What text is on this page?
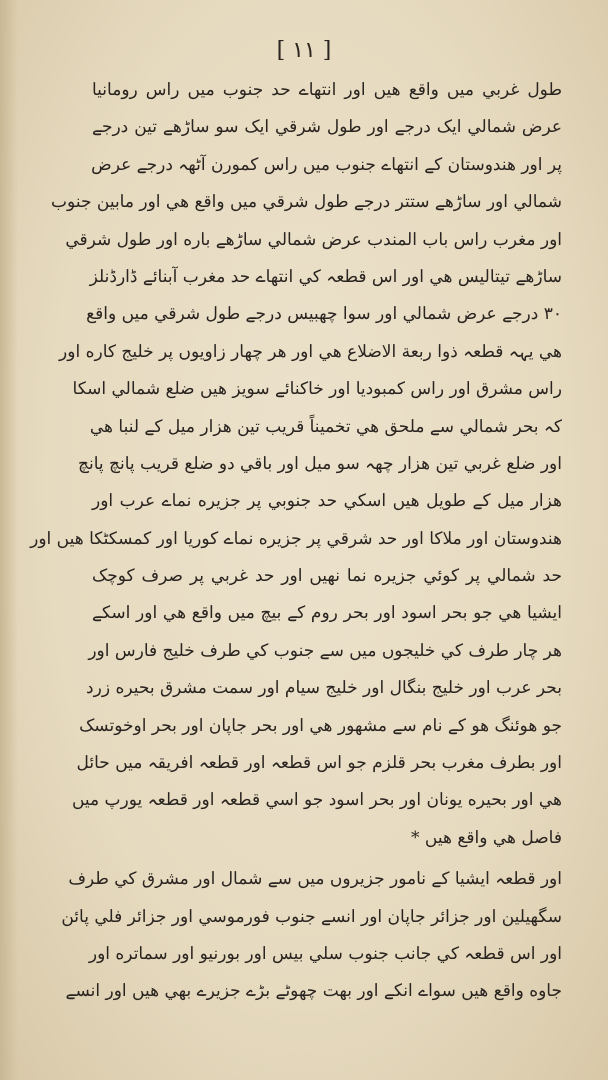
[ ١١ ]
طول غربي ميں واقع هيں اور انتهاے حد جنوب ميں راس رومانيا
عرض شمالي ايک درجے اور طول شرقي ايک سو ساڑهے تين درجے
پر اور هندوستان کے انتهاے جنوب ميں راس کمورن آٹهہ درجے عرض
شمالي اور ساڑهے ستتر درجے طول شرقي ميں واقع هي اور مابين جنوب
اور مغرب راس باب المندب عرض شمالي ساڑهے باره اور طول شرقي
ساڑهے تيتاليس هي اور اس قطعہ کي انتهاے حد مغرب آبنائے ڈارڈنلز
٣٠ درجے عرض شمالي اور سوا چهبيس درجے طول شرقي ميں واقع
هي يہہ قطعہ ذوا ربعة الاضلاع هي اور هر چهار زاويوں پر خليج کاره اور
راس مشرق اور راس کمبوديا اور خاکنائے سويز هيں ضلع شمالي اسکا
کہ بحر شمالي سے ملحق هي تخميناً قريب تين هزار ميل کے لنبا هي
اور ضلع غربي تين هزار چهہ سو ميل اور باقي دو ضلع قريب پانچ پانچ
هزار ميل کے طويل هيں اسکي حد جنوبي پر جزيره نماے عرب اور
هندوستان اور ملاکا اور حد شرقي پر جزيره نماے کوريا اور کمسکٹکا هيں اور
حد شمالي پر کوئي جزيره نما نهيں اور حد غربي پر صرف کوچک
ايشيا هي جو بحر اسود اور بحر روم کے بيچ ميں واقع هي اور اسکے
هر چار طرف کي خليجوں ميں سے جنوب کي طرف خليج فارس اور
بحر عرب اور خليج بنگال اور خليج سيام اور سمت مشرق بحيره زرد
جو هوئنگ هو کے نام سے مشهور هي اور بحر جاپان اور بحر اوخوتسک
اور بطرف مغرب بحر قلزم جو اس قطعہ اور قطعہ افريقہ ميں حائل
هي اور بحيره يونان اور بحر اسود جو اسي قطعہ اور قطعہ يورپ ميں
فاصل هي واقع هيں *
اور قطعہ ايشيا کے نامور جزيروں ميں سے شمال اور مشرق کي طرف
سگهيلين اور جزائر جاپان اور انسے جنوب فورموسي اور جزائر فلي پائن
اور اس قطعہ کي جانب جنوب سلي بيس اور بورنيو اور سماتره اور
جاوه واقع هيں سواے انکے اور بهت چهوٹے بڑے جزيرے بهي هيں اور انسے
